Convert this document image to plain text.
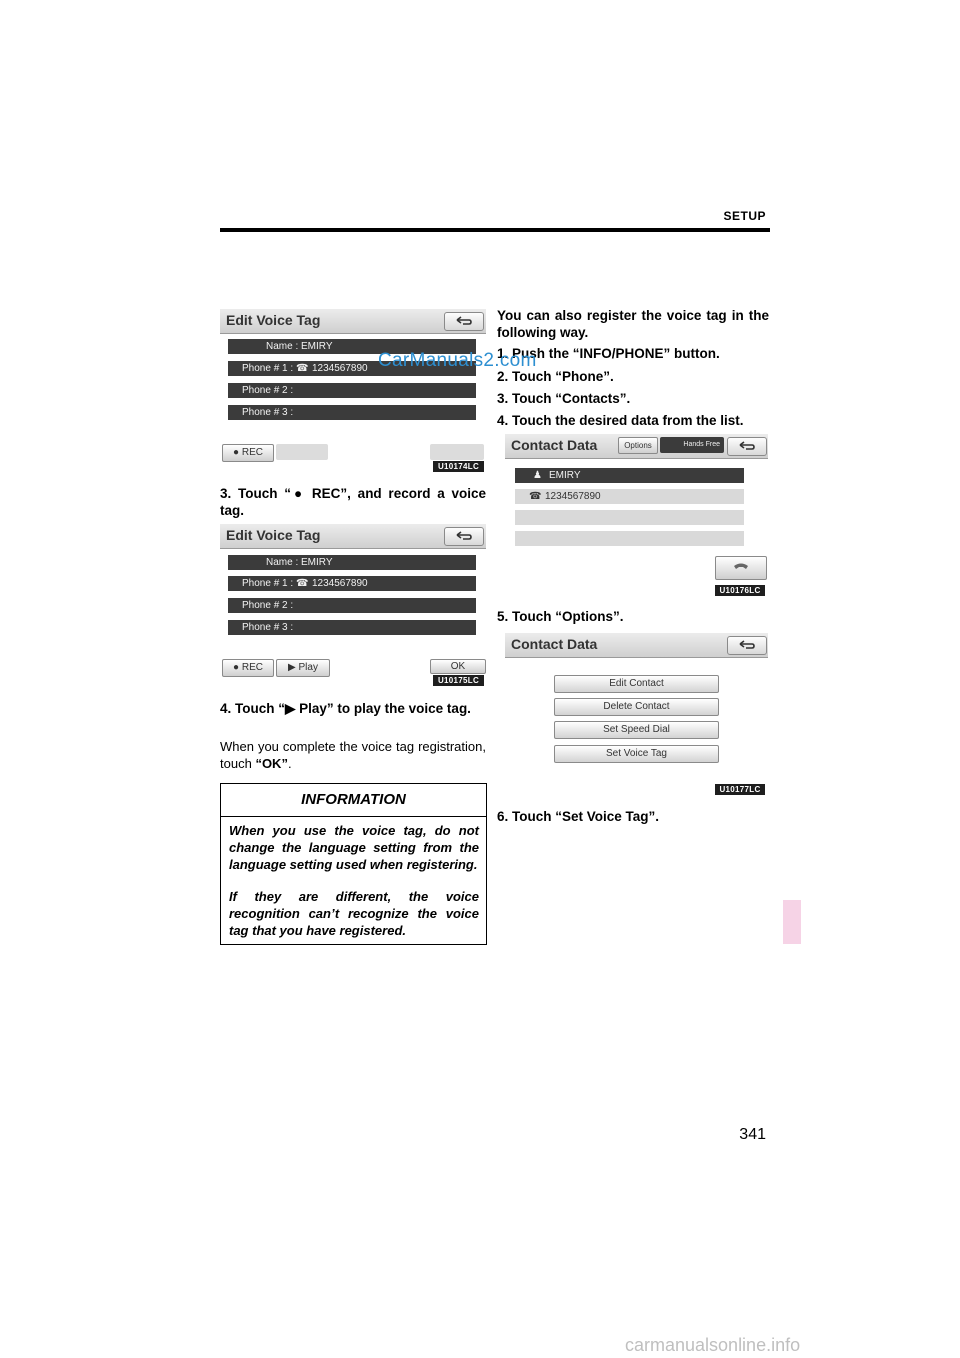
SETUP
Edit Voice Tag
Name : EMIRY
Phone # 1 : ☎ 1234567890
Phone # 2 :
Phone # 3 :
● REC
U10174LC
3. Touch “● REC”, and record a voice tag.
Edit Voice Tag
Name : EMIRY
Phone # 1 : ☎ 1234567890
Phone # 2 :
Phone # 3 :
● REC	▶ Play	OK
U10175LC
4. Touch “▶ Play” to play the voice tag.
When you complete the voice tag registration, touch “OK”.
INFORMATION
When you use the voice tag, do not change the language setting from the language setting used when registering.
If they are different, the voice recognition can’t recognize the voice tag that you have registered.
You can also register the voice tag in the following way.
1. Push the “INFO/PHONE” button.
2. Touch “Phone”.
3. Touch “Contacts”.
4. Touch the desired data from the list.
Contact Data	Options	Hands Free
♟ EMIRY
☎ 1234567890
U10176LC
5. Touch “Options”.
Contact Data
Edit Contact
Delete Contact
Set Speed Dial
Set Voice Tag
U10177LC
6. Touch “Set Voice Tag”.
341
CarManuals2.com
carmanualsonline.info
